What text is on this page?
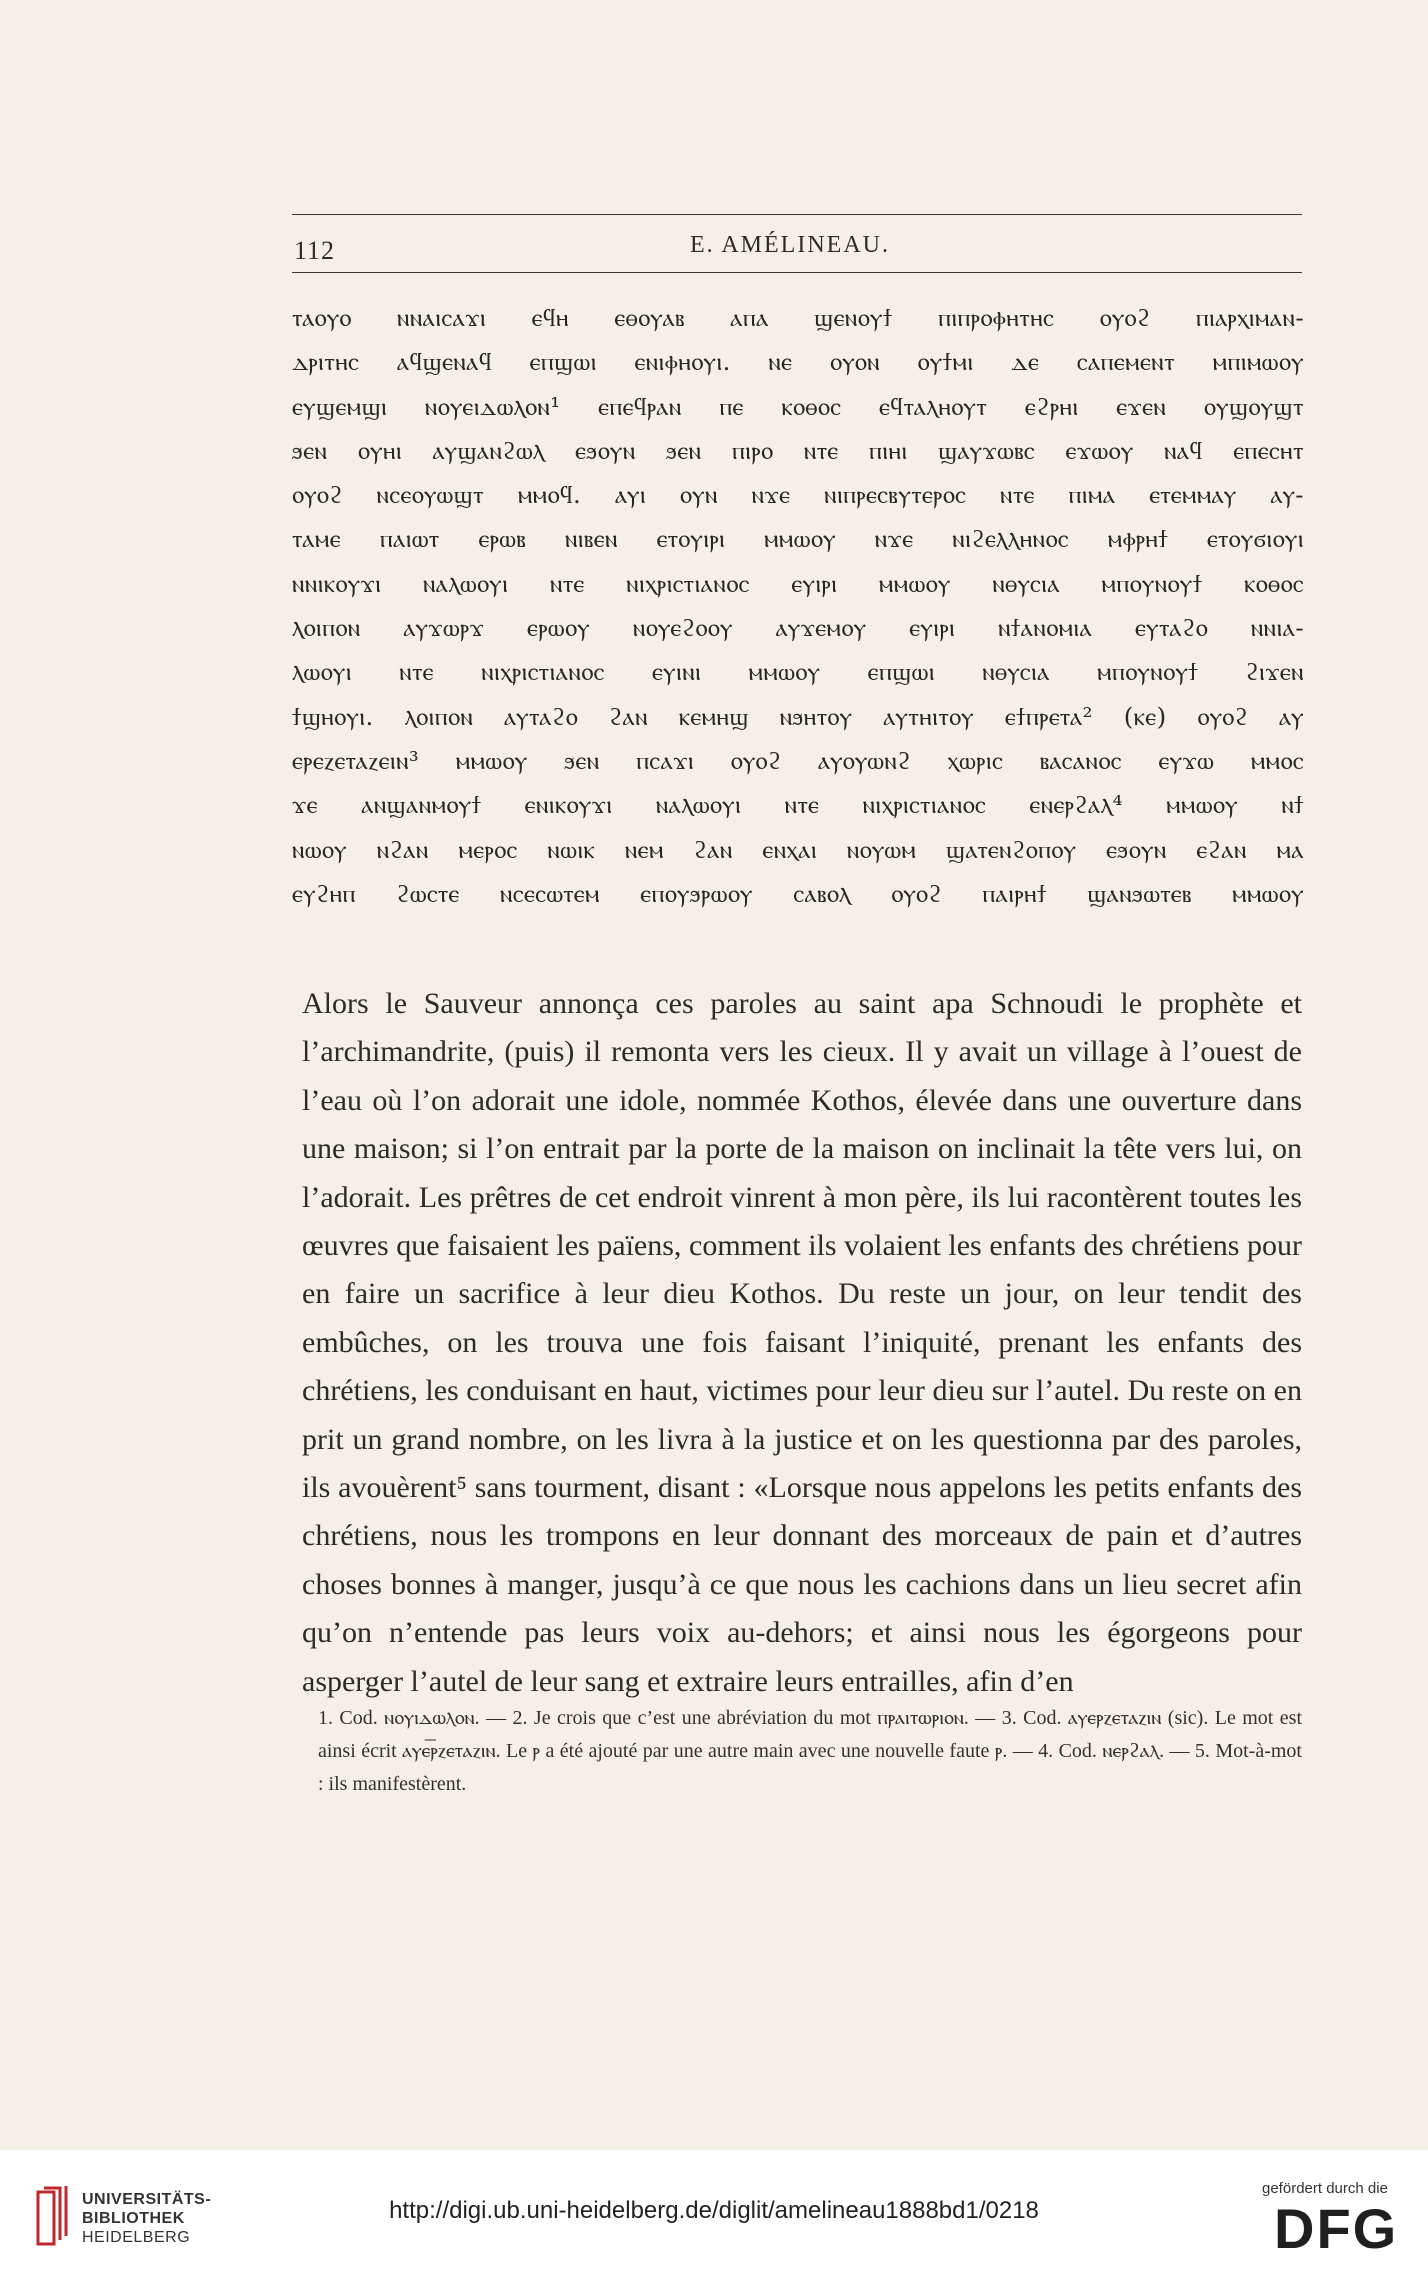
112	E. AMÉLINEAU.
ⲧⲁⲟⲩⲟ ⲛⲛⲁⲓⲥⲁϫⲓ ⲉϥⲏ ⲉⲑⲟⲩⲁⲃ ⲁⲡⲁ ϣⲉⲛⲟⲩϯ ⲡⲓⲡⲣⲟⲫⲏⲧⲏⲥ ⲟⲩⲟϩ ⲡⲓⲁⲣⲭⲓⲙⲁⲛ-
ⲇⲣⲓⲧⲏⲥ ⲁϥϣⲉⲛⲁϥ ⲉⲡϣⲱⲓ ⲉⲛⲓⲫⲏⲟⲩⲓ. ⲛⲉ ⲟⲩⲟⲛ ⲟⲩϯⲙⲓ ⲇⲉ ⲥⲁⲡⲉⲙⲉⲛⲧ ⲙⲡⲓⲙⲱⲟⲩ
ⲉⲩϣⲉⲙϣⲓ ⲛⲟⲩⲉⲓⲇⲱⲗⲟⲛ¹ ⲉⲡⲉϥⲣⲁⲛ ⲡⲉ ⲕⲟⲑⲟⲥ ⲉϥⲧⲁⲗⲏⲟⲩⲧ ⲉϩⲣⲏⲓ ⲉϫⲉⲛ ⲟⲩϣⲟⲩϣⲧ
ϧⲉⲛ ⲟⲩⲏⲓ ⲁⲩϣⲁⲛϩⲱⲗ ⲉϧⲟⲩⲛ ϧⲉⲛ ⲡⲓⲣⲟ ⲛⲧⲉ ⲡⲓⲏⲓ ϣⲁⲩϫⲱⲃⲥ ⲉϫⲱⲟⲩ ⲛⲁϥ ⲉⲡⲉⲥⲏⲧ
ⲟⲩⲟϩ ⲛⲥⲉⲟⲩⲱϣⲧ ⲙⲙⲟϥ. ⲁⲩⲓ ⲟⲩⲛ ⲛϫⲉ ⲛⲓⲡⲣⲉⲥⲃⲩⲧⲉⲣⲟⲥ ⲛⲧⲉ ⲡⲓⲙⲁ ⲉⲧⲉⲙⲙⲁⲩ ⲁⲩ-
ⲧⲁⲙⲉ ⲡⲁⲓⲱⲧ ⲉⲣⲱⲃ ⲛⲓⲃⲉⲛ ⲉⲧⲟⲩⲓⲣⲓ ⲙⲙⲱⲟⲩ ⲛϫⲉ ⲛⲓϩⲉⲗⲗⲏⲛⲟⲥ ⲙⲫⲣⲏϯ ⲉⲧⲟⲩϭⲓⲟⲩⲓ
ⲛⲛⲓⲕⲟⲩϫⲓ ⲛⲁⲗⲱⲟⲩⲓ ⲛⲧⲉ ⲛⲓⲭⲣⲓⲥⲧⲓⲁⲛⲟⲥ ⲉⲩⲓⲣⲓ ⲙⲙⲱⲟⲩ ⲛⲑⲩⲥⲓⲁ ⲙⲡⲟⲩⲛⲟⲩϯ ⲕⲟⲑⲟⲥ
ⲗⲟⲓⲡⲟⲛ ⲁⲩϫⲱⲣϫ ⲉⲣⲱⲟⲩ ⲛⲟⲩⲉϩⲟⲟⲩ ⲁⲩϫⲉⲙⲟⲩ ⲉⲩⲓⲣⲓ ⲛϯⲁⲛⲟⲙⲓⲁ ⲉⲩⲧⲁϩⲟ ⲛⲛⲓⲁ-
ⲗⲱⲟⲩⲓ ⲛⲧⲉ ⲛⲓⲭⲣⲓⲥⲧⲓⲁⲛⲟⲥ ⲉⲩⲓⲛⲓ ⲙⲙⲱⲟⲩ ⲉⲡϣⲱⲓ ⲛⲑⲩⲥⲓⲁ ⲙⲡⲟⲩⲛⲟⲩϯ ϩⲓϫⲉⲛ
ϯϣⲏⲟⲩⲓ. ⲗⲟⲓⲡⲟⲛ ⲁⲩⲧⲁϩⲟ ϩⲁⲛ ⲕⲉⲙⲏϣ ⲛϧⲏⲧⲟⲩ ⲁⲩⲧⲏⲓⲧⲟⲩ ⲉϯⲡⲣⲉⲧⲁ² (ⲕⲉ) ⲟⲩⲟϩ ⲁⲩ
ⲉⲣⲉⲍⲉⲧⲁⲍⲉⲓⲛ³ ⲙⲙⲱⲟⲩ ϧⲉⲛ ⲡⲥⲁϫⲓ ⲟⲩⲟϩ ⲁⲩⲟⲩⲱⲛϩ ⲭⲱⲣⲓⲥ ⲃⲁⲥⲁⲛⲟⲥ ⲉⲩϫⲱ ⲙⲙⲟⲥ
ϫⲉ ⲁⲛϣⲁⲛⲙⲟⲩϯ ⲉⲛⲓⲕⲟⲩϫⲓ ⲛⲁⲗⲱⲟⲩⲓ ⲛⲧⲉ ⲛⲓⲭⲣⲓⲥⲧⲓⲁⲛⲟⲥ ⲉⲛⲉⲣϩⲁⲗ⁴ ⲙⲙⲱⲟⲩ ⲛϯ
ⲛⲱⲟⲩ ⲛϩⲁⲛ ⲙⲉⲣⲟⲥ ⲛⲱⲓⲕ ⲛⲉⲙ ϩⲁⲛ ⲉⲛⲭⲁⲓ ⲛⲟⲩⲱⲙ ϣⲁⲧⲉⲛϩⲟⲡⲟⲩ ⲉϧⲟⲩⲛ ⲉϩⲁⲛ ⲙⲁ
ⲉⲩϩⲏⲡ ϩⲱⲥⲧⲉ ⲛⲥⲉⲥⲱⲧⲉⲙ ⲉⲡⲟⲩϧⲣⲱⲟⲩ ⲥⲁⲃⲟⲗ ⲟⲩⲟϩ ⲡⲁⲓⲣⲏϯ ϣⲁⲛϧⲱⲧⲉⲃ ⲙⲙⲱⲟⲩ

Alors le Sauveur annonça ces paroles au saint apa Schnoudi le prophète et l’archimandrite, (puis) il remonta vers les cieux. Il y avait un village à l’ouest de l’eau où l’on adorait une idole, nommée Kothos, élevée dans une ouverture dans une maison; si l’on entrait par la porte de la maison on inclinait la tête vers lui, on l’adorait. Les prêtres de cet endroit vinrent à mon père, ils lui racontèrent toutes les œuvres que faisaient les païens, comment ils volaient les enfants des chrétiens pour en faire un sacrifice à leur dieu Kothos. Du reste un jour, on leur tendit des embûches, on les trouva une fois faisant l’iniquité, prenant les enfants des chrétiens, les conduisant en haut, victimes pour leur dieu sur l’autel. Du reste on en prit un grand nombre, on les livra à la justice et on les questionna par des paroles, ils avouèrent⁵ sans tourment, disant : «Lorsque nous appelons les petits enfants des chrétiens, nous les trompons en leur donnant des morceaux de pain et d’autres choses bonnes à manger, jusqu’à ce que nous les cachions dans un lieu secret afin qu’on n’entende pas leurs voix au-dehors; et ainsi nous les égorgeons pour asperger l’autel de leur sang et extraire leurs entrailles, afin d’en

1. Cod. ⲛⲟⲩⲓⲇⲱⲗⲟⲛ. — 2. Je crois que c’est une abréviation du mot ⲡⲣⲁⲓⲧⲱⲣⲓⲟⲛ. — 3. Cod. ⲁⲩⲉⲣⲍⲉⲧⲁⲍⲓⲛ (sic). Le mot est ainsi écrit ⲁⲩⲉ͞ⲣⲍⲉⲧⲁⲍⲓⲛ. Le ⲣ a été ajouté par une autre main avec une nouvelle faute ⲣ. — 4. Cod. ⲛⲉⲣϩⲁⲗ. — 5. Mot-à-mot : ils manifestèrent.

UNIVERSITÄTS-
BIBLIOTHEK
HEIDELBERG
http://digi.ub.uni-heidelberg.de/diglit/amelineau1888bd1/0218
gefördert durch die
DFG
